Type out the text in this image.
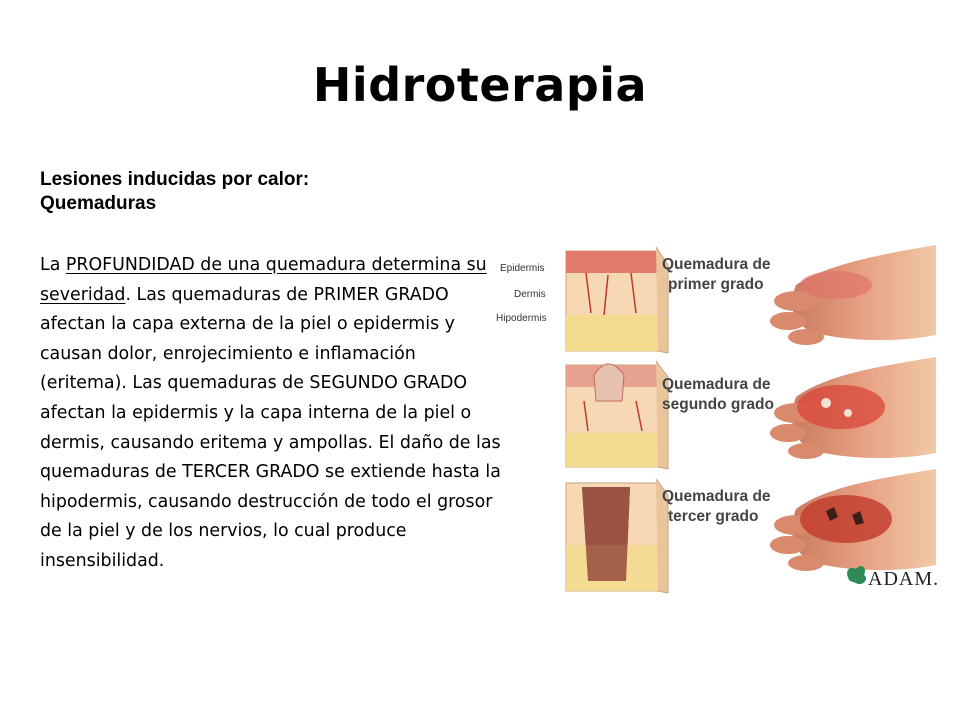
Hidroterapia
Lesiones inducidas por calor:
Quemaduras
La PROFUNDIDAD de una quemadura determina su severidad. Las quemaduras de PRIMER GRADO afectan la capa externa de la piel o epidermis y causan dolor, enrojecimiento e inflamación (eritema). Las quemaduras de SEGUNDO GRADO afectan la epidermis y la capa interna de la piel o dermis, causando eritema y ampollas. El daño de las quemaduras de TERCER GRADO se extiende hasta la hipodermis, causando destrucción de todo el grosor de la piel y de los nervios, lo cual produce insensibilidad.
Epidermis
Dermis
Hipodermis
Quemadura de
primer grado
Quemadura de
segundo grado
Quemadura de
tercer grado
ADAM.
